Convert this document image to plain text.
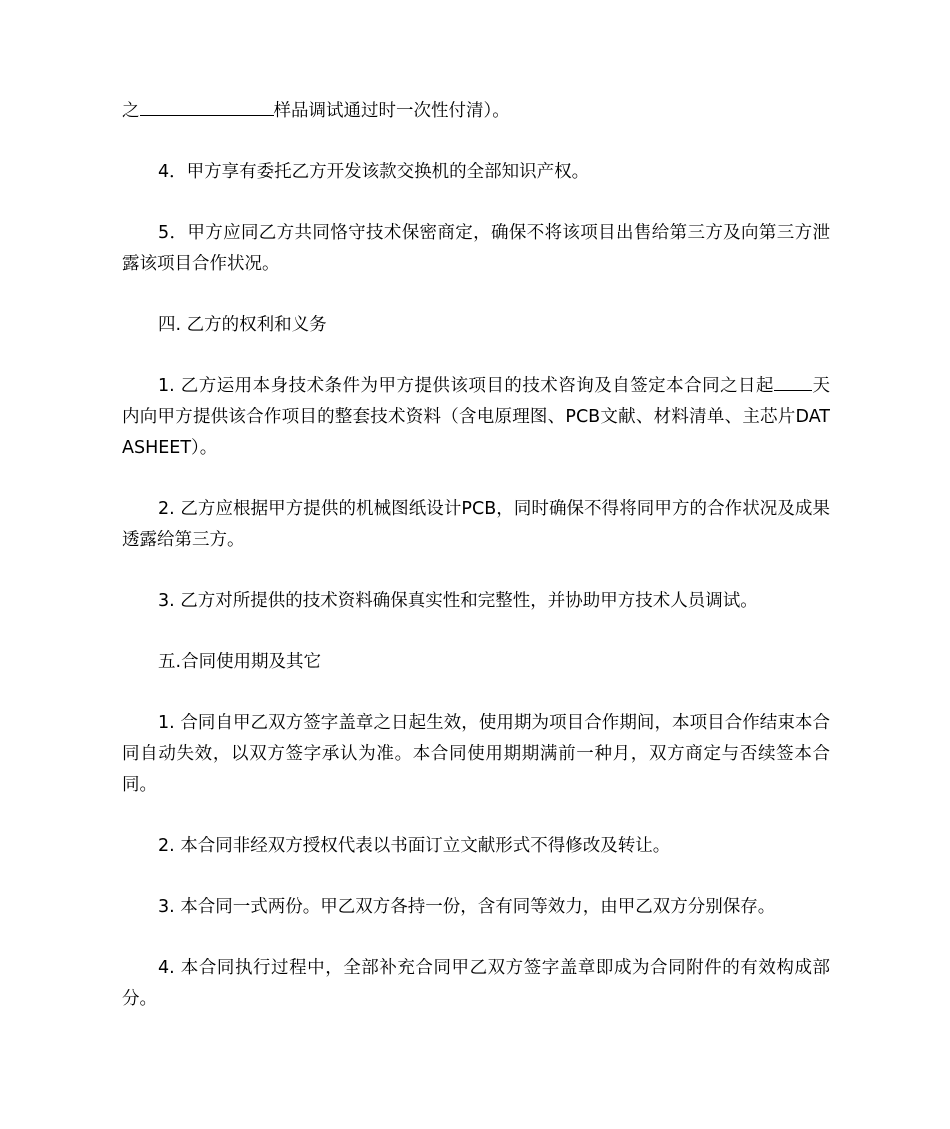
之	样品调试通过时一次性付清）。

4．甲方享有委托乙方开发该款交换机的全部知识产权。

5．甲方应同乙方共同恪守技术保密商定，确保不将该项目出售给第三方及向第三方泄露该项目合作状况。

四. 乙方的权利和义务

1. 乙方运用本身技术条件为甲方提供该项目的技术咨询及自签定本合同之日起 天内向甲方提供该合作项目的整套技术资料（含电原理图、PCB文献、材料清单、主芯片DATASHEET）。

2. 乙方应根据甲方提供的机械图纸设计PCB，同时确保不得将同甲方的合作状况及成果透露给第三方。

3. 乙方对所提供的技术资料确保真实性和完整性，并协助甲方技术人员调试。

五.合同使用期及其它

1. 合同自甲乙双方签字盖章之日起生效，使用期为项目合作期间，本项目合作结束本合同自动失效，以双方签字承认为准。本合同使用期期满前一种月，双方商定与否续签本合同。

2. 本合同非经双方授权代表以书面订立文献形式不得修改及转让。

3. 本合同一式两份。甲乙双方各持一份，含有同等效力，由甲乙双方分别保存。

4. 本合同执行过程中，全部补充合同甲乙双方签字盖章即成为合同附件的有效构成部分。
